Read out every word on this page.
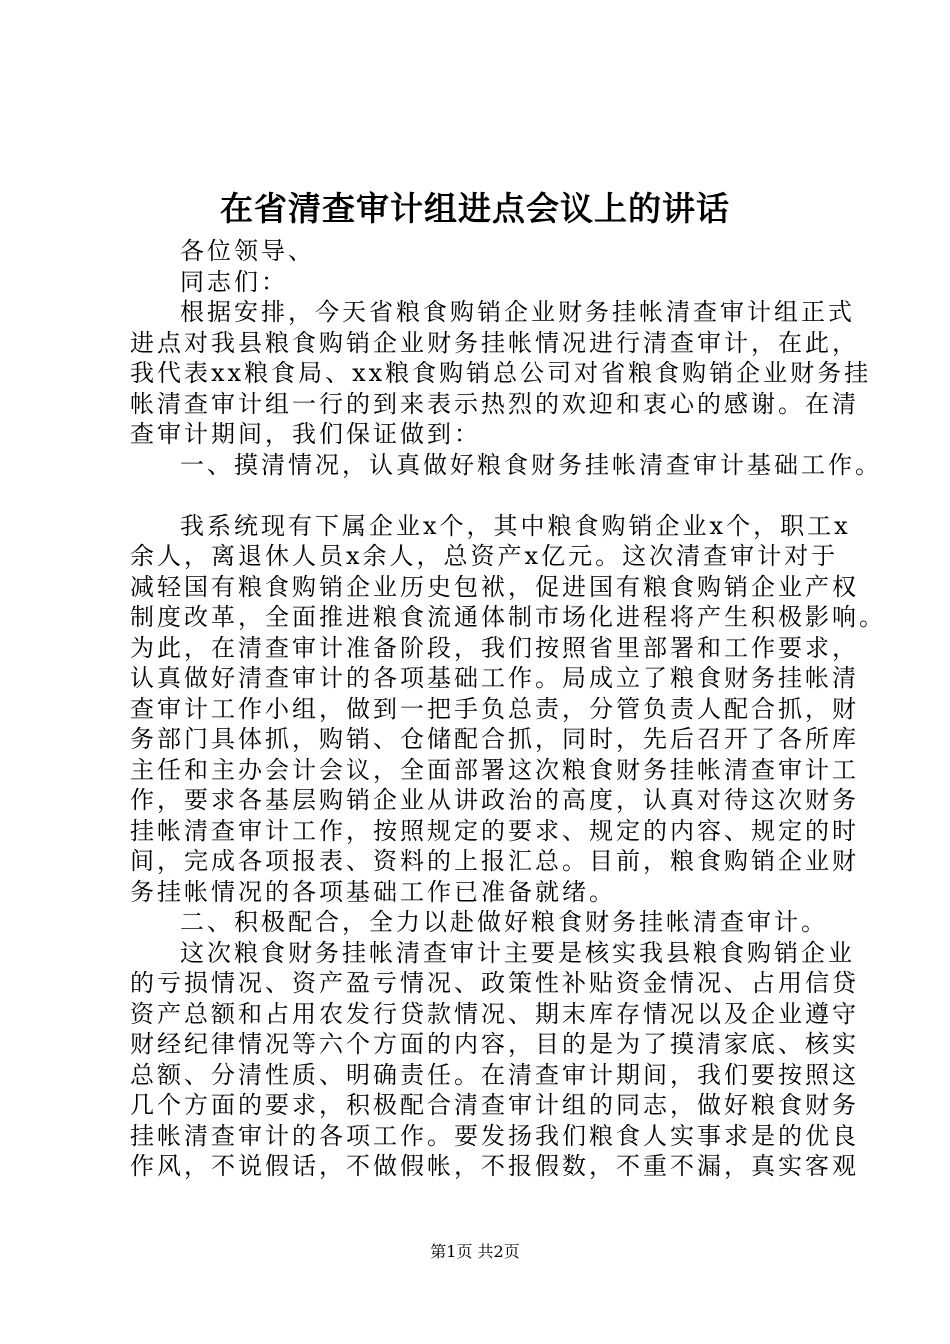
在省清查审计组进点会议上的讲话
各位领导、
同志们：
根据安排，今天省粮食购销企业财务挂帐清查审计组正式
进点对我县粮食购销企业财务挂帐情况进行清查审计，在此，
我代表xx粮食局、xx粮食购销总公司对省粮食购销企业财务挂
帐清查审计组一行的到来表示热烈的欢迎和衷心的感谢。在清
查审计期间，我们保证做到：
一、摸清情况，认真做好粮食财务挂帐清查审计基础工作。
我系统现有下属企业x个，其中粮食购销企业x个，职工x
余人，离退休人员x余人，总资产x亿元。这次清查审计对于
减轻国有粮食购销企业历史包袱，促进国有粮食购销企业产权
制度改革，全面推进粮食流通体制市场化进程将产生积极影响。
为此，在清查审计准备阶段，我们按照省里部署和工作要求，
认真做好清查审计的各项基础工作。局成立了粮食财务挂帐清
查审计工作小组，做到一把手负总责，分管负责人配合抓，财
务部门具体抓，购销、仓储配合抓，同时，先后召开了各所库
主任和主办会计会议，全面部署这次粮食财务挂帐清查审计工
作，要求各基层购销企业从讲政治的高度，认真对待这次财务
挂帐清查审计工作，按照规定的要求、规定的内容、规定的时
间，完成各项报表、资料的上报汇总。目前，粮食购销企业财
务挂帐情况的各项基础工作已准备就绪。
二、积极配合，全力以赴做好粮食财务挂帐清查审计。
这次粮食财务挂帐清查审计主要是核实我县粮食购销企业
的亏损情况、资产盈亏情况、政策性补贴资金情况、占用信贷
资产总额和占用农发行贷款情况、期末库存情况以及企业遵守
财经纪律情况等六个方面的内容，目的是为了摸清家底、核实
总额、分清性质、明确责任。在清查审计期间，我们要按照这
几个方面的要求，积极配合清查审计组的同志，做好粮食财务
挂帐清查审计的各项工作。要发扬我们粮食人实事求是的优良
作风，不说假话，不做假帐，不报假数，不重不漏，真实客观
第1页 共2页
